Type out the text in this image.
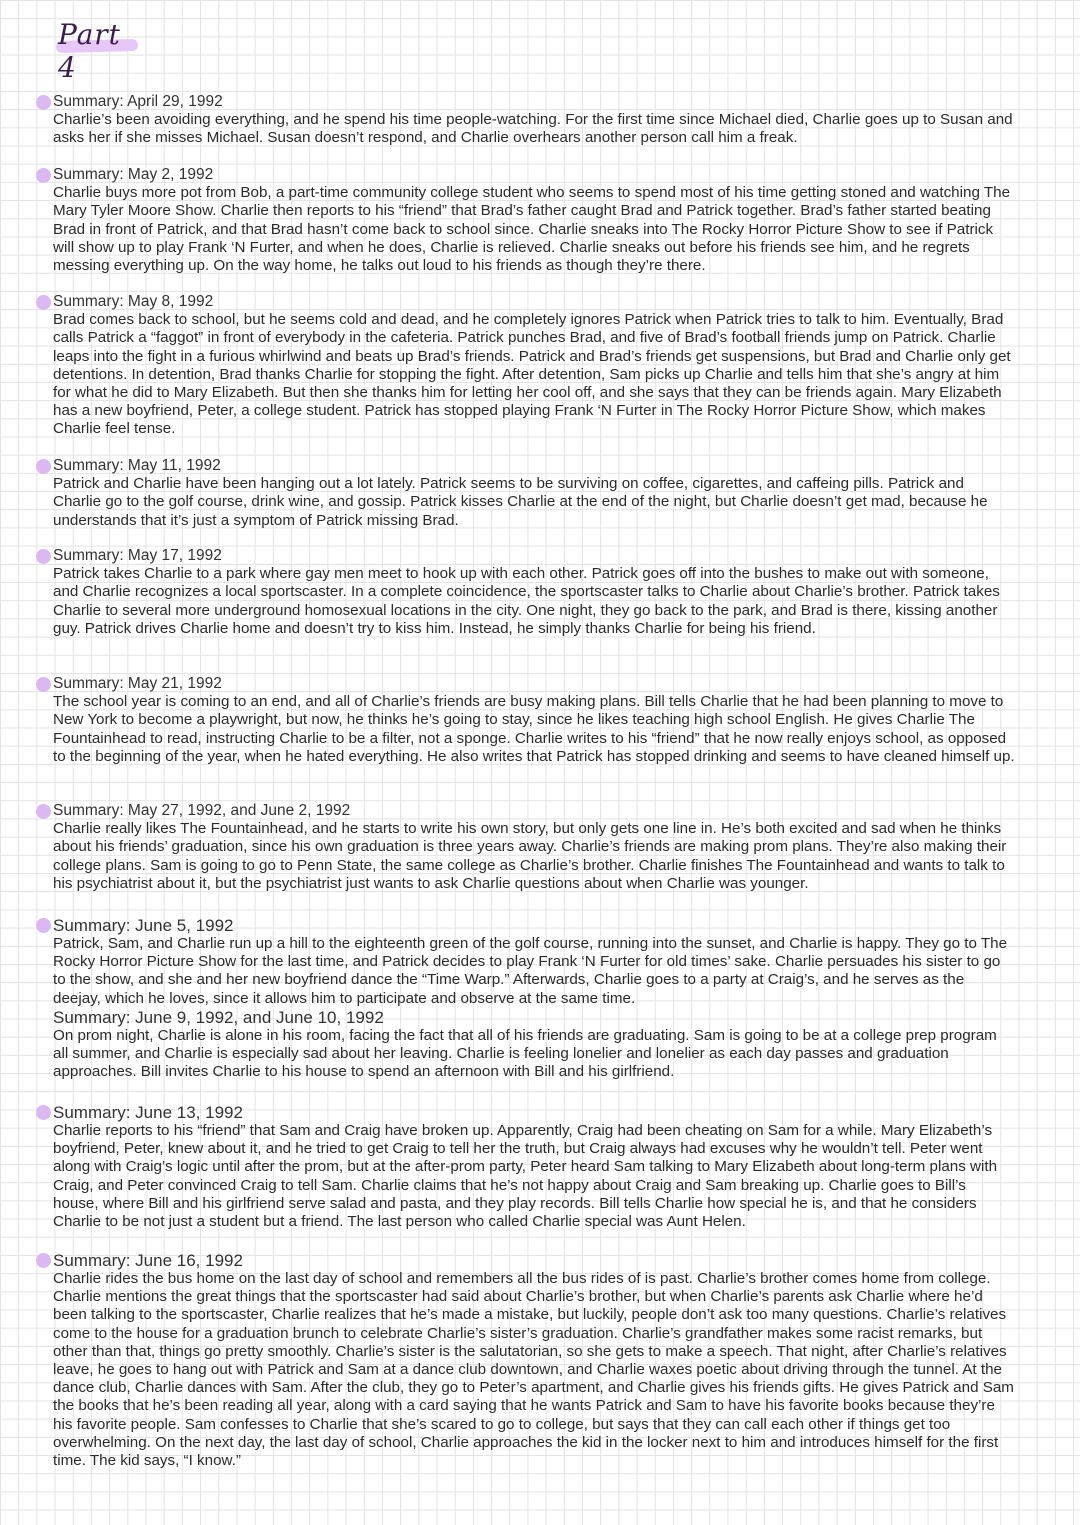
Part 4
Summary: April 29, 1992
Charlie’s been avoiding everything, and he spend his time people-watching. For the first time since Michael died, Charlie goes up to Susan and asks her if she misses Michael. Susan doesn’t respond, and Charlie overhears another person call him a freak.
Summary: May 2, 1992
Charlie buys more pot from Bob, a part-time community college student who seems to spend most of his time getting stoned and watching The Mary Tyler Moore Show. Charlie then reports to his “friend” that Brad’s father caught Brad and Patrick together. Brad’s father started beating Brad in front of Patrick, and that Brad hasn’t come back to school since. Charlie sneaks into The Rocky Horror Picture Show to see if Patrick will show up to play Frank ‘N Furter, and when he does, Charlie is relieved. Charlie sneaks out before his friends see him, and he regrets messing everything up. On the way home, he talks out loud to his friends as though they’re there.
Summary: May 8, 1992
Brad comes back to school, but he seems cold and dead, and he completely ignores Patrick when Patrick tries to talk to him. Eventually, Brad calls Patrick a “faggot” in front of everybody in the cafeteria. Patrick punches Brad, and five of Brad’s football friends jump on Patrick. Charlie leaps into the fight in a furious whirlwind and beats up Brad’s friends. Patrick and Brad’s friends get suspensions, but Brad and Charlie only get detentions. In detention, Brad thanks Charlie for stopping the fight. After detention, Sam picks up Charlie and tells him that she’s angry at him for what he did to Mary Elizabeth. But then she thanks him for letting her cool off, and she says that they can be friends again. Mary Elizabeth has a new boyfriend, Peter, a college student. Patrick has stopped playing Frank ‘N Furter in The Rocky Horror Picture Show, which makes Charlie feel tense.
Summary: May 11, 1992
Patrick and Charlie have been hanging out a lot lately. Patrick seems to be surviving on coffee, cigarettes, and caffeing pills. Patrick and Charlie go to the golf course, drink wine, and gossip. Patrick kisses Charlie at the end of the night, but Charlie doesn’t get mad, because he understands that it’s just a symptom of Patrick missing Brad.
Summary: May 17, 1992
Patrick takes Charlie to a park where gay men meet to hook up with each other. Patrick goes off into the bushes to make out with someone, and Charlie recognizes a local sportscaster. In a complete coincidence, the sportscaster talks to Charlie about Charlie’s brother. Patrick takes Charlie to several more underground homosexual locations in the city. One night, they go back to the park, and Brad is there, kissing another guy. Patrick drives Charlie home and doesn’t try to kiss him. Instead, he simply thanks Charlie for being his friend.
Summary: May 21, 1992
The school year is coming to an end, and all of Charlie’s friends are busy making plans. Bill tells Charlie that he had been planning to move to New York to become a playwright, but now, he thinks he’s going to stay, since he likes teaching high school English. He gives Charlie The Fountainhead to read, instructing Charlie to be a filter, not a sponge. Charlie writes to his “friend” that he now really enjoys school, as opposed to the beginning of the year, when he hated everything. He also writes that Patrick has stopped drinking and seems to have cleaned himself up.
Summary: May 27, 1992, and June 2, 1992
Charlie really likes The Fountainhead, and he starts to write his own story, but only gets one line in. He’s both excited and sad when he thinks about his friends’ graduation, since his own graduation is three years away. Charlie’s friends are making prom plans. They’re also making their college plans. Sam is going to go to Penn State, the same college as Charlie’s brother. Charlie finishes The Fountainhead and wants to talk to his psychiatrist about it, but the psychiatrist just wants to ask Charlie questions about when Charlie was younger.
Summary: June 5, 1992
Patrick, Sam, and Charlie run up a hill to the eighteenth green of the golf course, running into the sunset, and Charlie is happy. They go to The Rocky Horror Picture Show for the last time, and Patrick decides to play Frank ‘N Furter for old times’ sake. Charlie persuades his sister to go to the show, and she and her new boyfriend dance the “Time Warp.” Afterwards, Charlie goes to a party at Craig’s, and he serves as the deejay, which he loves, since it allows him to participate and observe at the same time.
Summary: June 9, 1992, and June 10, 1992
On prom night, Charlie is alone in his room, facing the fact that all of his friends are graduating. Sam is going to be at a college prep program all summer, and Charlie is especially sad about her leaving. Charlie is feeling lonelier and lonelier as each day passes and graduation approaches. Bill invites Charlie to his house to spend an afternoon with Bill and his girlfriend.
Summary: June 13, 1992
Charlie reports to his “friend” that Sam and Craig have broken up. Apparently, Craig had been cheating on Sam for a while. Mary Elizabeth’s boyfriend, Peter, knew about it, and he tried to get Craig to tell her the truth, but Craig always had excuses why he wouldn’t tell. Peter went along with Craig’s logic until after the prom, but at the after-prom party, Peter heard Sam talking to Mary Elizabeth about long-term plans with Craig, and Peter convinced Craig to tell Sam. Charlie claims that he’s not happy about Craig and Sam breaking up. Charlie goes to Bill’s house, where Bill and his girlfriend serve salad and pasta, and they play records. Bill tells Charlie how special he is, and that he considers Charlie to be not just a student but a friend. The last person who called Charlie special was Aunt Helen.
Summary: June 16, 1992
Charlie rides the bus home on the last day of school and remembers all the bus rides of is past. Charlie’s brother comes home from college. Charlie mentions the great things that the sportscaster had said about Charlie’s brother, but when Charlie’s parents ask Charlie where he’d been talking to the sportscaster, Charlie realizes that he’s made a mistake, but luckily, people don’t ask too many questions. Charlie’s relatives come to the house for a graduation brunch to celebrate Charlie’s sister’s graduation. Charlie’s grandfather makes some racist remarks, but other than that, things go pretty smoothly. Charlie’s sister is the salutatorian, so she gets to make a speech. That night, after Charlie’s relatives leave, he goes to hang out with Patrick and Sam at a dance club downtown, and Charlie waxes poetic about driving through the tunnel. At the dance club, Charlie dances with Sam. After the club, they go to Peter’s apartment, and Charlie gives his friends gifts. He gives Patrick and Sam the books that he’s been reading all year, along with a card saying that he wants Patrick and Sam to have his favorite books because they’re his favorite people. Sam confesses to Charlie that she’s scared to go to college, but says that they can call each other if things get too overwhelming. On the next day, the last day of school, Charlie approaches the kid in the locker next to him and introduces himself for the first time. The kid says, “I know.”
